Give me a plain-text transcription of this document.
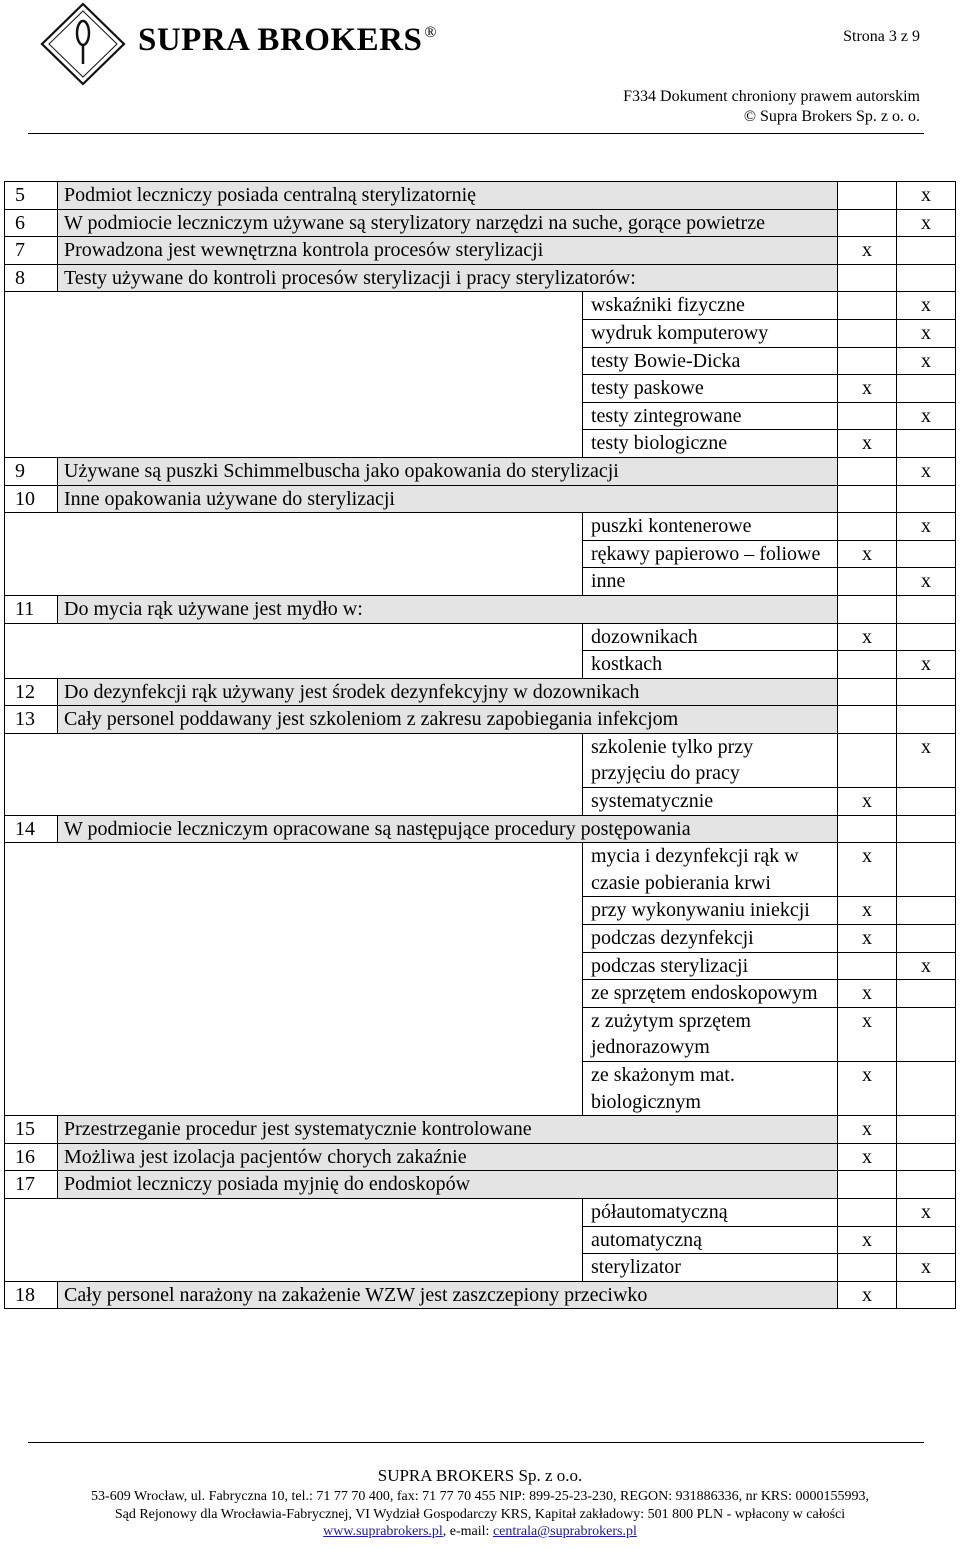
SUPRA BROKERS ®	Strona 3 z 9
F334 Dokument chroniony prawem autorskim
© Supra Brokers Sp. z o. o.
5	Podmiot leczniczy posiada centralną sterylizatornię			x
6	W podmiocie leczniczym używane są sterylizatory narzędzi na suche, gorące powietrze			x
7	Prowadzona jest wewnętrzna kontrola procesów sterylizacji		x	
8	Testy używane do kontroli procesów sterylizacji i pracy sterylizatorów:			
		wskaźniki fizyczne		x
		wydruk komputerowy		x
		testy Bowie-Dicka		x
		testy paskowe	x	
		testy zintegrowane		x
		testy biologiczne	x	
9	Używane są puszki Schimmelbuscha jako opakowania do sterylizacji			x
10	Inne opakowania używane do sterylizacji			
		puszki kontenerowe		x
		rękawy papierowo – foliowe	x	
		inne		x
11	Do mycia rąk używane jest mydło w:			
		dozownikach	x	
		kostkach		x
12	Do dezynfekcji rąk używany jest środek dezynfekcyjny w dozownikach			
13	Cały personel poddawany jest szkoleniom z zakresu zapobiegania infekcjom			
		szkolenie tylko przy przyjęciu do pracy		x
		systematycznie	x	
14	W podmiocie leczniczym opracowane są następujące procedury postępowania			
		mycia i dezynfekcji rąk w czasie pobierania krwi	x	
		przy wykonywaniu iniekcji	x	
		podczas dezynfekcji	x	
		podczas sterylizacji		x
		ze sprzętem endoskopowym	x	
		z zużytym sprzętem jednorazowym	x	
		ze skażonym mat. biologicznym	x	
15	Przestrzeganie procedur jest systematycznie kontrolowane		x	
16	Możliwa jest izolacja pacjentów chorych zakaźnie		x	
17	Podmiot leczniczy posiada myjnię do endoskopów			
		półautomatyczną		x
		automatyczną	x	
		sterylizator		x
18	Cały personel narażony na zakażenie WZW jest zaszczepiony przeciwko		x	
SUPRA BROKERS Sp. z o.o.
53-609 Wrocław, ul. Fabryczna 10, tel.: 71 77 70 400, fax: 71 77 70 455 NIP: 899-25-23-230, REGON: 931886336, nr KRS: 0000155993,
Sąd Rejonowy dla Wrocławia-Fabrycznej, VI Wydział Gospodarczy KRS, Kapitał zakładowy: 501 800 PLN - wpłacony w całości
www.suprabrokers.pl, e-mail: centrala@suprabrokers.pl
